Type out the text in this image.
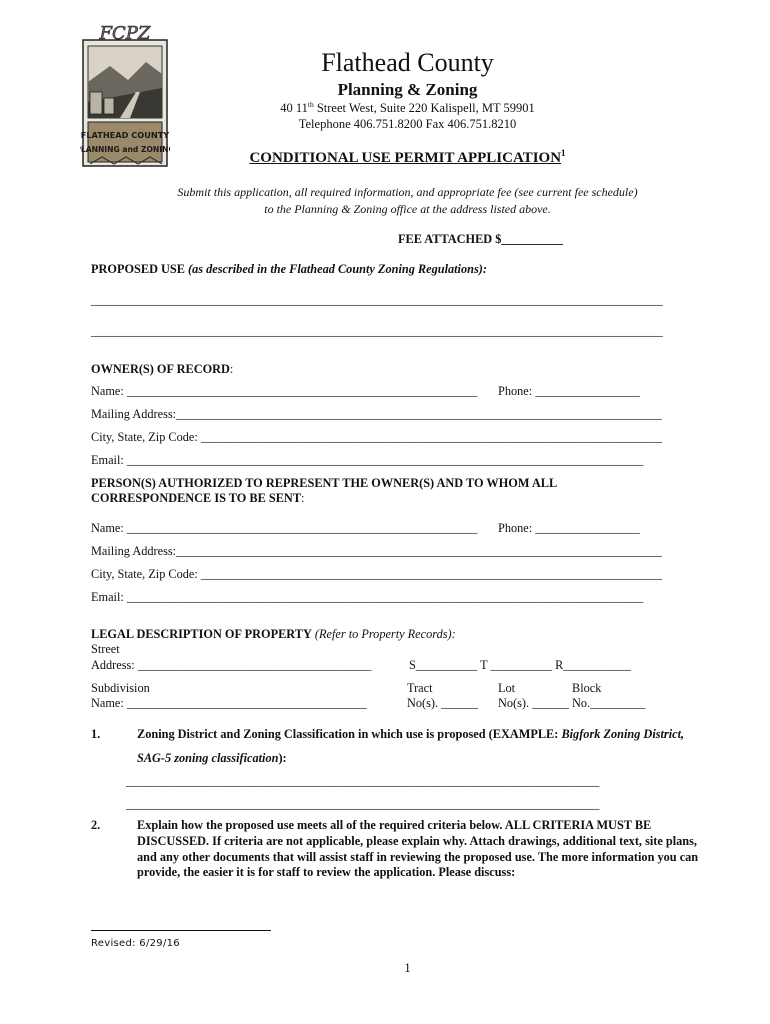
FCPZ
FLATHEAD COUNTY
PLANNING and ZONING
Flathead County
Planning & Zoning
40 11th Street West, Suite 220 Kalispell, MT 59901
Telephone 406.751.8200 Fax 406.751.8210
CONDITIONAL USE PERMIT APPLICATION$^1$
Submit this application, all required information, and appropriate fee (see current fee schedule)
to the Planning & Zoning office at the address listed above.
FEE ATTACHED $__________
PROPOSED USE (as described in the Flathead County Zoning Regulations):
_____________________________________________________________________________________________
_____________________________________________________________________________________________
OWNER(S) OF RECORD:
Name: _________________________________________________________ Phone: _________________
Mailing Address:_______________________________________________________________________________
City, State, Zip Code: ___________________________________________________________________________
Email: ____________________________________________________________________________________
PERSON(S) AUTHORIZED TO REPRESENT THE OWNER(S) AND TO WHOM ALL
CORRESPONDENCE IS TO BE SENT:
Name: _________________________________________________________ Phone: _________________
Mailing Address:_______________________________________________________________________________
City, State, Zip Code: ___________________________________________________________________________
Email: ____________________________________________________________________________________
LEGAL DESCRIPTION OF PROPERTY (Refer to Property Records):
Street
Address: ______________________________________	S__________ T __________ R___________
Subdivision
Name: _______________________________________
Tract
No(s). ______
Lot
No(s). ______
Block
No._________
1.	Zoning District and Zoning Classification in which use is proposed (EXAMPLE: Bigfork Zoning District,
SAG-5 zoning classification):
_____________________________________________________________________________
_____________________________________________________________________________
2.	Explain how the proposed use meets all of the required criteria below. ALL CRITERIA MUST BE
DISCUSSED. If criteria are not applicable, please explain why. Attach drawings, additional text, site plans,
and any other documents that will assist staff in reviewing the proposed use. The more information you can
provide, the easier it is for staff to review the application. Please discuss:
Revised: 6/29/16
1
